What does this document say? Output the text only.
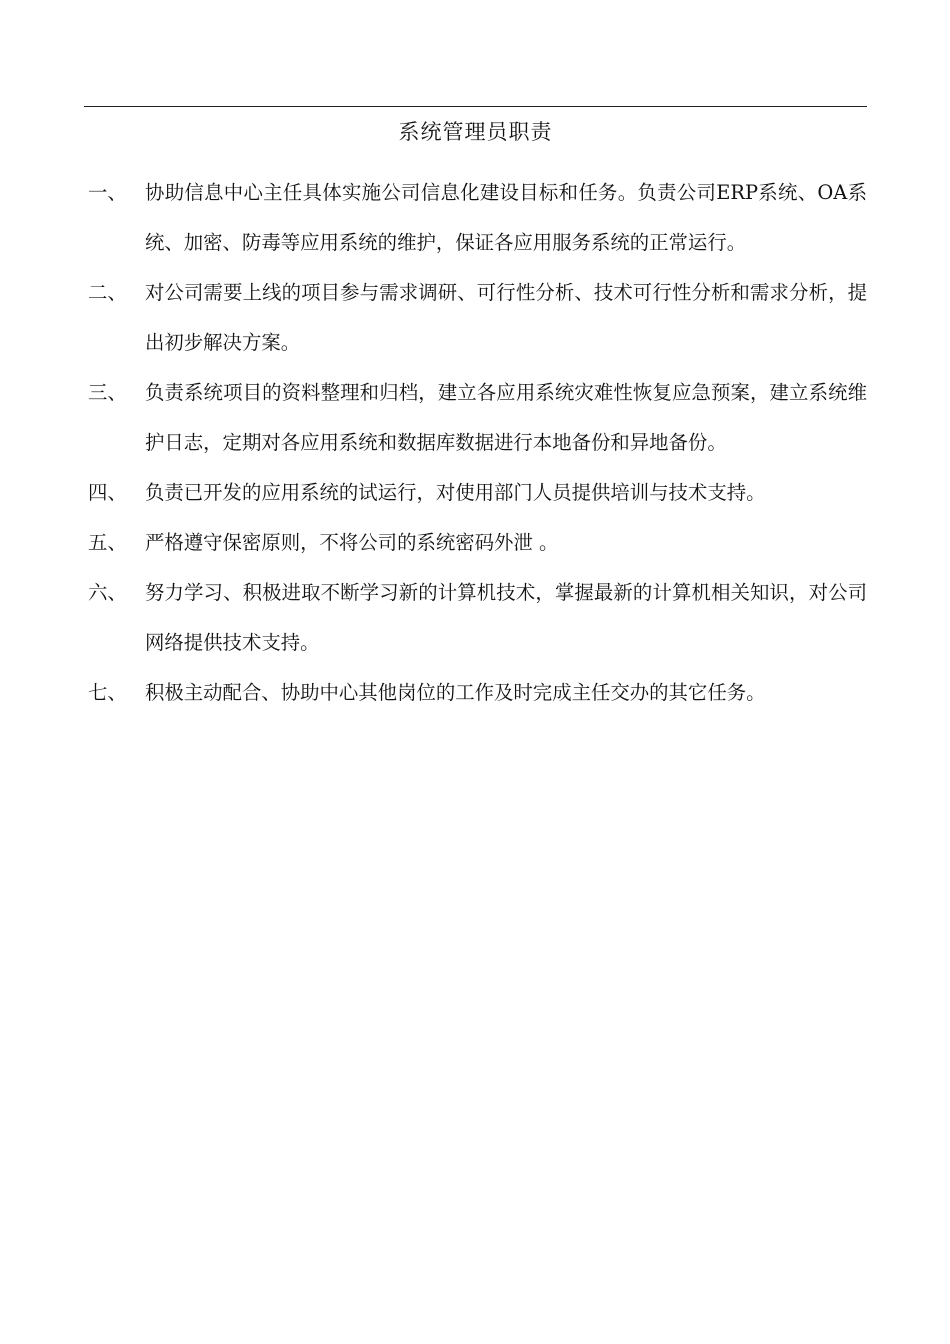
系统管理员职责
一、 协助信息中心主任具体实施公司信息化建设目标和任务。负责公司ERP系统、OA系统、加密、防毒等应用系统的维护，保证各应用服务系统的正常运行。
二、 对公司需要上线的项目参与需求调研、可行性分析、技术可行性分析和需求分析，提出初步解决方案。
三、 负责系统项目的资料整理和归档，建立各应用系统灾难性恢复应急预案，建立系统维护日志，定期对各应用系统和数据库数据进行本地备份和异地备份。
四、 负责已开发的应用系统的试运行，对使用部门人员提供培训与技术支持。
五、 严格遵守保密原则，不将公司的系统密码外泄 。
六、 努力学习、积极进取不断学习新的计算机技术，掌握最新的计算机相关知识，对公司网络提供技术支持。
七、 积极主动配合、协助中心其他岗位的工作及时完成主任交办的其它任务。
